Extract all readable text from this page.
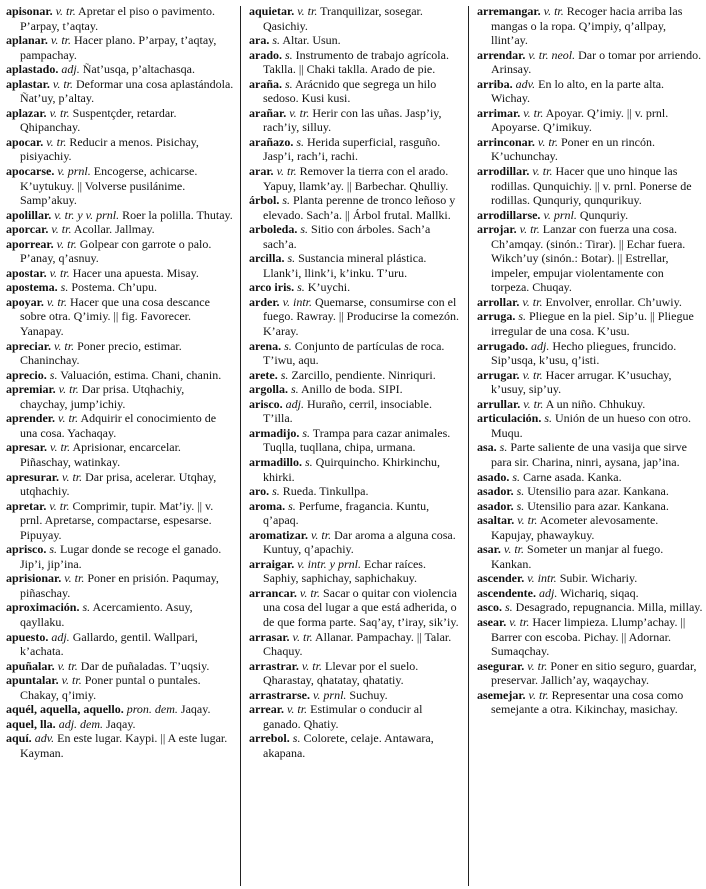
apisonar. v. tr. Apretar el piso o pavimento. P’arpay, t’aqtay.

aplanar. v. tr. Hacer plano. P’arpay, t’aqtay, pampachay.

aplastado. adj. Ñat’usqa, p’altachasqa.

aplastar. v. tr. Deformar una cosa aplastándola. Ñat’uy, p’altay.

aplazar. v. tr. Suspentçder, retardar. Qhipanchay.

apocar. v. tr. Reducir a menos. Pisichay, pisiyachiy.

apocarse. v. prnl. Encogerse, achicarse. K’uytukuy. || Volverse pusilánime. Samp’akuy.

apolillar. v. tr. y v. prnl. Roer la polilla. Thutay.

aporcar. v. tr. Acollar. Jallmay.

aporrear. v. tr. Golpear con garrote o palo. P’anay, q’asnuy.

apostar. v. tr. Hacer una apuesta. Misay.

apostema. s. Postema. Ch’upu.

apoyar. v. tr. Hacer que una cosa descance sobre otra. Q’imiy. || fig. Favorecer. Yanapay.

apreciar. v. tr. Poner precio, estimar. Chaninchay.

aprecio. s. Valuación, estima. Chani, chanin.

apremiar. v. tr. Dar prisa. Utqhachiy, chaychay, jump’ichiy.

aprender. v. tr. Adquirir el conocimiento de una cosa. Yachaqay.

apresar. v. tr. Aprisionar, encarcelar. Piñaschay, watinkay.

apresurar. v. tr. Dar prisa, acelerar. Utqhay, utqhachiy.

apretar. v. tr. Comprimir, tupir. Mat’iy. || v. prnl. Apretarse, compactarse, espesarse. Pipuyay.

aprisco. s. Lugar donde se recoge el ganado. Jip’i, jip’ina.

aprisionar. v. tr. Poner en prisión. Paqumay, piñaschay.

aproximación. s. Acercamiento. Asuy, qayllaku.

apuesto. adj. Gallardo, gentil. Wallpari, k’achata.

apuñalar. v. tr. Dar de puñaladas. T’uqsiy.

apuntalar. v. tr. Poner puntal o puntales. Chakay, q’imiy.

aquél, aquella, aquello. pron. dem. Jaqay.

aquel, lla. adj. dem. Jaqay.

aquí. adv. En este lugar. Kaypi. || A este lugar. Kayman.

aquietar. v. tr. Tranquilizar, sosegar. Qasichiy.

ara. s. Altar. Usun.

arado. s. Instrumento de trabajo agrícola. Taklla. || Chaki taklla. Arado de pie.

araña. s. Arácnido que segrega un hilo sedoso. Kusi kusi.

arañar. v. tr. Herir con las uñas. Jasp’iy, rach’iy, silluy.

arañazo. s. Herida superficial, rasguño. Jasp’i, rach’i, rachi.

arar. v. tr. Remover la tierra con el arado. Yapuy, llamk’ay. || Barbechar. Qhulliy.

árbol. s. Planta perenne de tronco leñoso y elevado. Sach’a. || Árbol frutal. Mallki.

arboleda. s. Sitio con árboles. Sach’a sach’a.

arcilla. s. Sustancia mineral plástica. Llank’i, llink’i, k’inku. T’uru.

arco iris. s. K’uychi.

arder. v. intr. Quemarse, consumirse con el fuego. Rawray. || Producirse la comezón. K’aray.

arena. s. Conjunto de partículas de roca. T’iwu, aqu.

arete. s. Zarcillo, pendiente. Ninriquri.

argolla. s. Anillo de boda. SIPI.

arisco. adj. Huraño, cerril, insociable. T’illa.

armadijo. s. Trampa para cazar animales. Tuqlla, tuqllana, chipa, urmana.

armadillo. s. Quirquincho. Khirkinchu, khirki.

aro. s. Rueda. Tinkullpa.

aroma. s. Perfume, fragancia. Kuntu, q’apaq.

aromatizar. v. tr. Dar aroma a alguna cosa. Kuntuy, q’apachiy.

arraigar. v. intr. y prnl. Echar raíces. Saphiy, saphichay, saphichakuy.

arrancar. v. tr. Sacar o quitar con violencia una cosa del lugar a que está adherida, o de que forma parte. Saq’ay, t’iray, sik’iy.

arrasar. v. tr. Allanar. Pampachay. || Talar. Chaquy.

arrastrar. v. tr. Llevar por el suelo. Qharastay, qhatatay, qhatatiy.

arrastrarse. v. prnl. Suchuy.

arrear. v. tr. Estimular o conducir al ganado. Qhatiy.

arrebol. s. Colorete, celaje. Antawara, akapana.

arremangar. v. tr. Recoger hacia arriba las mangas o la ropa. Q’impiy, q’allpay, llint’ay.

arrendar. v. tr. neol. Dar o tomar por arriendo. Arinsay.

arriba. adv. En lo alto, en la parte alta. Wichay.

arrimar. v. tr. Apoyar. Q’imiy. || v. prnl. Apoyarse. Q’imikuy.

arrinconar. v. tr. Poner en un rincón. K’uchunchay.

arrodillar. v. tr. Hacer que uno hinque las rodillas. Qunquichiy. || v. prnl. Ponerse de rodillas. Qunquriy, qunqurikuy.

arrodillarse. v. prnl. Qunquriy.

arrojar. v. tr. Lanzar con fuerza una cosa. Ch’amqay. (sinón.: Tirar). || Echar fuera. Wikch’uy (sinón.: Botar). || Estrellar, impeler, empujar violentamente con torpeza. Chuqay.

arrollar. v. tr. Envolver, enrollar. Ch’uwiy.

arruga. s. Pliegue en la piel. Sip’u. || Pliegue irregular de una cosa. K’usu.

arrugado. adj. Hecho pliegues, fruncido. Sip’usqa, k’usu, q’isti.

arrugar. v. tr. Hacer arrugar. K’usuchay, k’usuy, sip’uy.

arrullar. v. tr. A un niño. Chhukuy.

articulación. s. Unión de un hueso con otro. Muqu.

asa. s. Parte saliente de una vasija que sirve para sir. Charina, ninri, aysana, jap’ina.

asado. s. Carne asada. Kanka.

asador. s. Utensilio para azar. Kankana.

asador. s. Utensilio para azar. Kankana.

asaltar. v. tr. Acometer alevosamente. Kapujay, phawaykuy.

asar. v. tr. Someter un manjar al fuego. Kankan.

ascender. v. intr. Subir. Wichariy.

ascendente. adj. Wichariq, siqaq.

asco. s. Desagrado, repugnancia. Milla, millay.

asear. v. tr. Hacer limpieza. Llump’achay. || Barrer con escoba. Pichay. || Adornar. Sumaqchay.

asegurar. v. tr. Poner en sitio seguro, guardar, preservar. Jallich’ay, waqaychay.

asemejar. v. tr. Representar una cosa como semejante a otra. Kikinchay, masichay.
